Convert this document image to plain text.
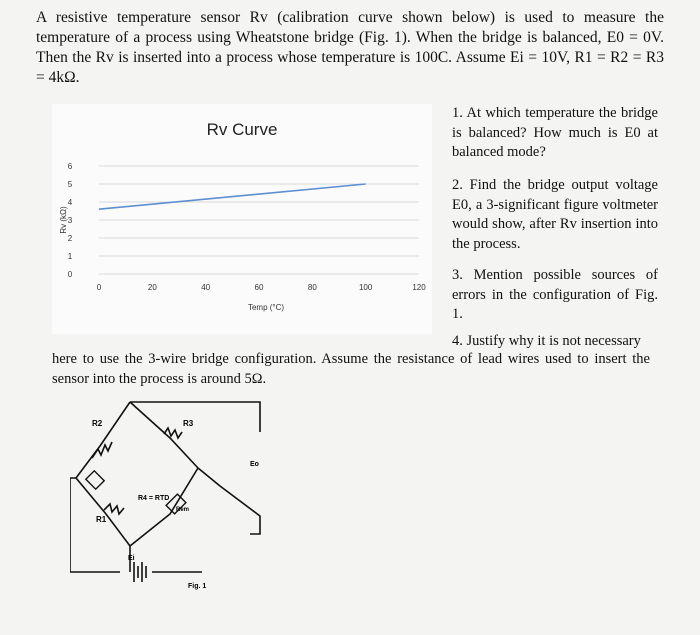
A resistive temperature sensor Rv (calibration curve shown below) is used to measure the temperature of a process using Wheatstone bridge (Fig. 1). When the bridge is balanced, E0 = 0V. Then the Rv is inserted into a process whose temperature is 100C. Assume Ei = 10V, R1 = R2 = R3 = 4kΩ.
0
1
2
3
4
5
6
0	20	40	60	80	100	120
Temp (°C)
Rv (kΩ)
Rv Curve
1. At which temperature the bridge is balanced? How much is E0 at balanced mode?
2. Find the bridge output voltage E0, a 3-significant figure voltmeter would show, after Rv insertion into the process.
3. Mention possible sources of errors in the configuration of Fig. 1.
4. Justify why it is not necessary
here to use the 3-wire bridge configuration. Assume the resistance of lead wires used to insert the sensor into the process is around 5Ω.
R2	R3
R1
R4 = RTD
Rem
Eo
Ei
Fig. 1
